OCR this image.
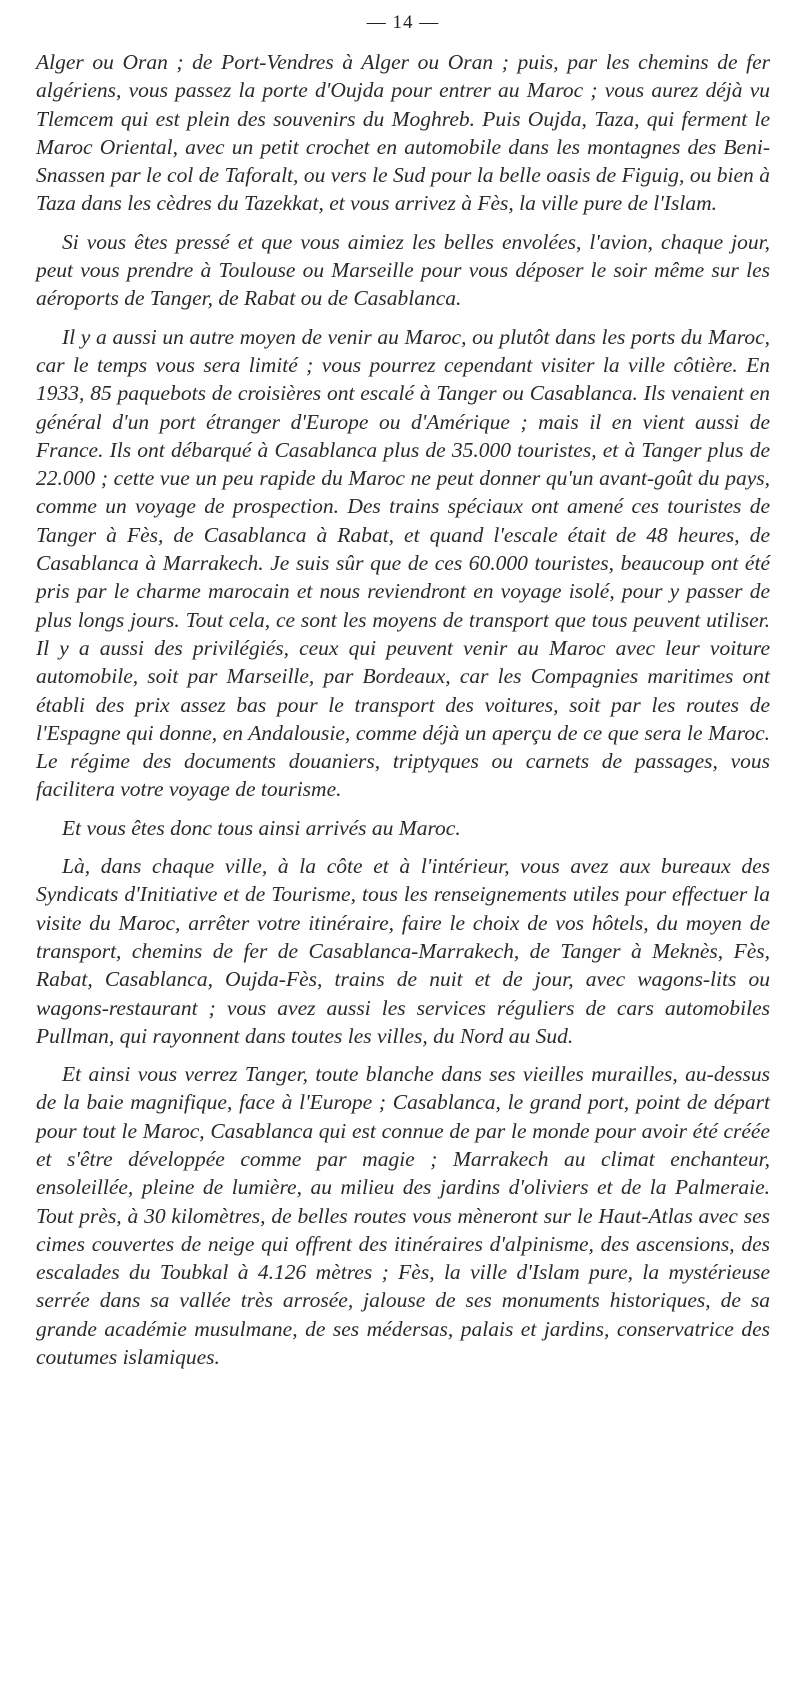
— 14 —

Alger ou Oran ; de Port-Vendres à Alger ou Oran ; puis, par les chemins de fer algériens, vous passez la porte d'Oujda pour entrer au Maroc ; vous aurez déjà vu Tlemcem qui est plein des souvenirs du Moghreb. Puis Oujda, Taza, qui ferment le Maroc Oriental, avec un petit crochet en automobile dans les montagnes des Beni-Snassen par le col de Taforalt, ou vers le Sud pour la belle oasis de Figuig, ou bien à Taza dans les cèdres du Tazekkat, et vous arrivez à Fès, la ville pure de l'Islam.

Si vous êtes pressé et que vous aimiez les belles envolées, l'avion, chaque jour, peut vous prendre à Toulouse ou Marseille pour vous déposer le soir même sur les aéroports de Tanger, de Rabat ou de Casablanca.

Il y a aussi un autre moyen de venir au Maroc, ou plutôt dans les ports du Maroc, car le temps vous sera limité ; vous pourrez cependant visiter la ville côtière. En 1933, 85 paquebots de croisières ont escalé à Tanger ou Casablanca. Ils venaient en général d'un port étranger d'Europe ou d'Amérique ; mais il en vient aussi de France. Ils ont débarqué à Casablanca plus de 35.000 touristes, et à Tanger plus de 22.000 ; cette vue un peu rapide du Maroc ne peut donner qu'un avant-goût du pays, comme un voyage de prospection. Des trains spéciaux ont amené ces touristes de Tanger à Fès, de Casablanca à Rabat, et quand l'escale était de 48 heures, de Casablanca à Marrakech. Je suis sûr que de ces 60.000 touristes, beaucoup ont été pris par le charme marocain et nous reviendront en voyage isolé, pour y passer de plus longs jours. Tout cela, ce sont les moyens de transport que tous peuvent utiliser. Il y a aussi des privilégiés, ceux qui peuvent venir au Maroc avec leur voiture automobile, soit par Marseille, par Bordeaux, car les Compagnies maritimes ont établi des prix assez bas pour le transport des voitures, soit par les routes de l'Espagne qui donne, en Andalousie, comme déjà un aperçu de ce que sera le Maroc. Le régime des documents douaniers, triptyques ou carnets de passages, vous facilitera votre voyage de tourisme.

Et vous êtes donc tous ainsi arrivés au Maroc.

Là, dans chaque ville, à la côte et à l'intérieur, vous avez aux bureaux des Syndicats d'Initiative et de Tourisme, tous les renseignements utiles pour effectuer la visite du Maroc, arrêter votre itinéraire, faire le choix de vos hôtels, du moyen de transport, chemins de fer de Casablanca-Marrakech, de Tanger à Meknès, Fès, Rabat, Casablanca, Oujda-Fès, trains de nuit et de jour, avec wagons-lits ou wagons-restaurant ; vous avez aussi les services réguliers de cars automobiles Pullman, qui rayonnent dans toutes les villes, du Nord au Sud.

Et ainsi vous verrez Tanger, toute blanche dans ses vieilles murailles, au-dessus de la baie magnifique, face à l'Europe ; Casablanca, le grand port, point de départ pour tout le Maroc, Casablanca qui est connue de par le monde pour avoir été créée et s'être développée comme par magie ; Marrakech au climat enchanteur, ensoleillée, pleine de lumière, au milieu des jardins d'oliviers et de la Palmeraie. Tout près, à 30 kilomètres, de belles routes vous mèneront sur le Haut-Atlas avec ses cimes couvertes de neige qui offrent des itinéraires d'alpinisme, des ascensions, des escalades du Toubkal à 4.126 mètres ; Fès, la ville d'Islam pure, la mystérieuse serrée dans sa vallée très arrosée, jalouse de ses monuments historiques, de sa grande académie musulmane, de ses médersas, palais et jardins, conservatrice des coutumes islamiques.
